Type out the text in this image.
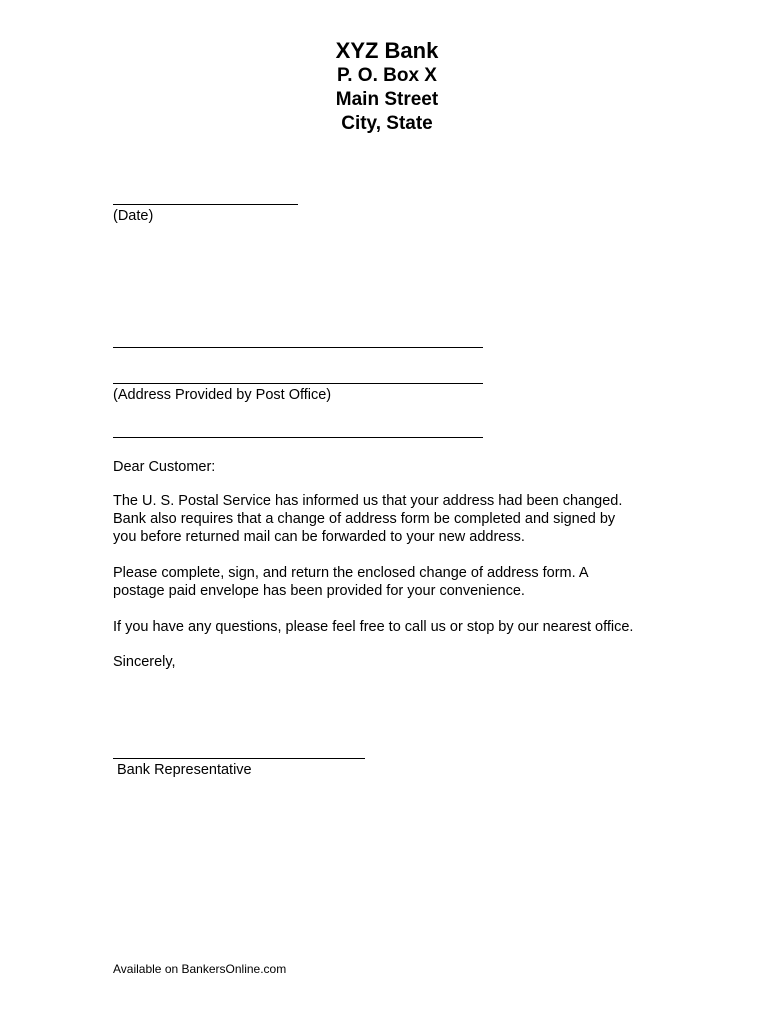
XYZ Bank
P. O. Box X
Main Street
City, State
(Date)
(Address Provided by Post Office)
Dear Customer:
The U. S. Postal Service has informed us that your address had been changed.
Bank also requires that a change of address form be completed and signed by
you before returned mail can be forwarded to your new address.
Please complete, sign, and return the enclosed change of address form. A
postage paid envelope has been provided for your convenience.
If you have any questions, please feel free to call us or stop by our nearest office.
Sincerely,
Bank Representative
Available on BankersOnline.com
